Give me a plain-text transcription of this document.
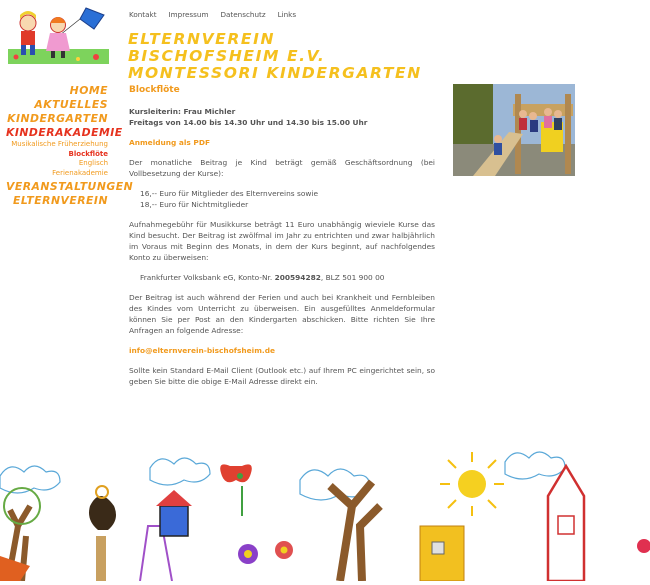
Kontakt Impressum Datenschutz Links
ELTERNVEREIN BISCHOFSHEIM E.V.
MONTESSORI KINDERGARTEN
HOME
AKTUELLES
KINDERGARTEN
KINDERAKADEMIE
Musikalische Früherziehung
Blockflöte
Englisch
Ferienakademie
VERANSTALTUNGEN
ELTERNVEREIN
Blockflöte

Kursleiterin: Frau Michler
Freitags von 14.00 bis 14.30 Uhr und 14.30 bis 15.00 Uhr

Anmeldung als PDF

Der monatliche Beitrag je Kind beträgt gemäß Geschäftsordnung (bei Vollbesetzung der Kurse):

16,-- Euro für Mitglieder des Elternvereins sowie
18,-- Euro für Nichtmitglieder

Aufnahmegebühr für Musikkurse beträgt 11 Euro unabhängig wieviele Kurse das Kind besucht. Der Beitrag ist zwölfmal im Jahr zu entrichten und zwar halbjährlich im Voraus mit Beginn des Monats, in dem der Kurs beginnt, auf nachfolgendes Konto zu überweisen:

Frankfurter Volksbank eG, Konto-Nr. 200594282, BLZ 501 900 00

Der Beitrag ist auch während der Ferien und auch bei Krankheit und Fernbleiben des Kindes vom Unterricht zu überweisen. Ein ausgefülltes Anmeldeformular können Sie per Post an den Kindergarten abschicken. Bitte richten Sie Ihre Anfragen an folgende Adresse:

info@elternverein-bischofsheim.de

Sollte kein Standard E-Mail Client (Outlook etc.) auf Ihrem PC eingerichtet sein, so geben Sie bitte die obige E-Mail Adresse direkt ein.
